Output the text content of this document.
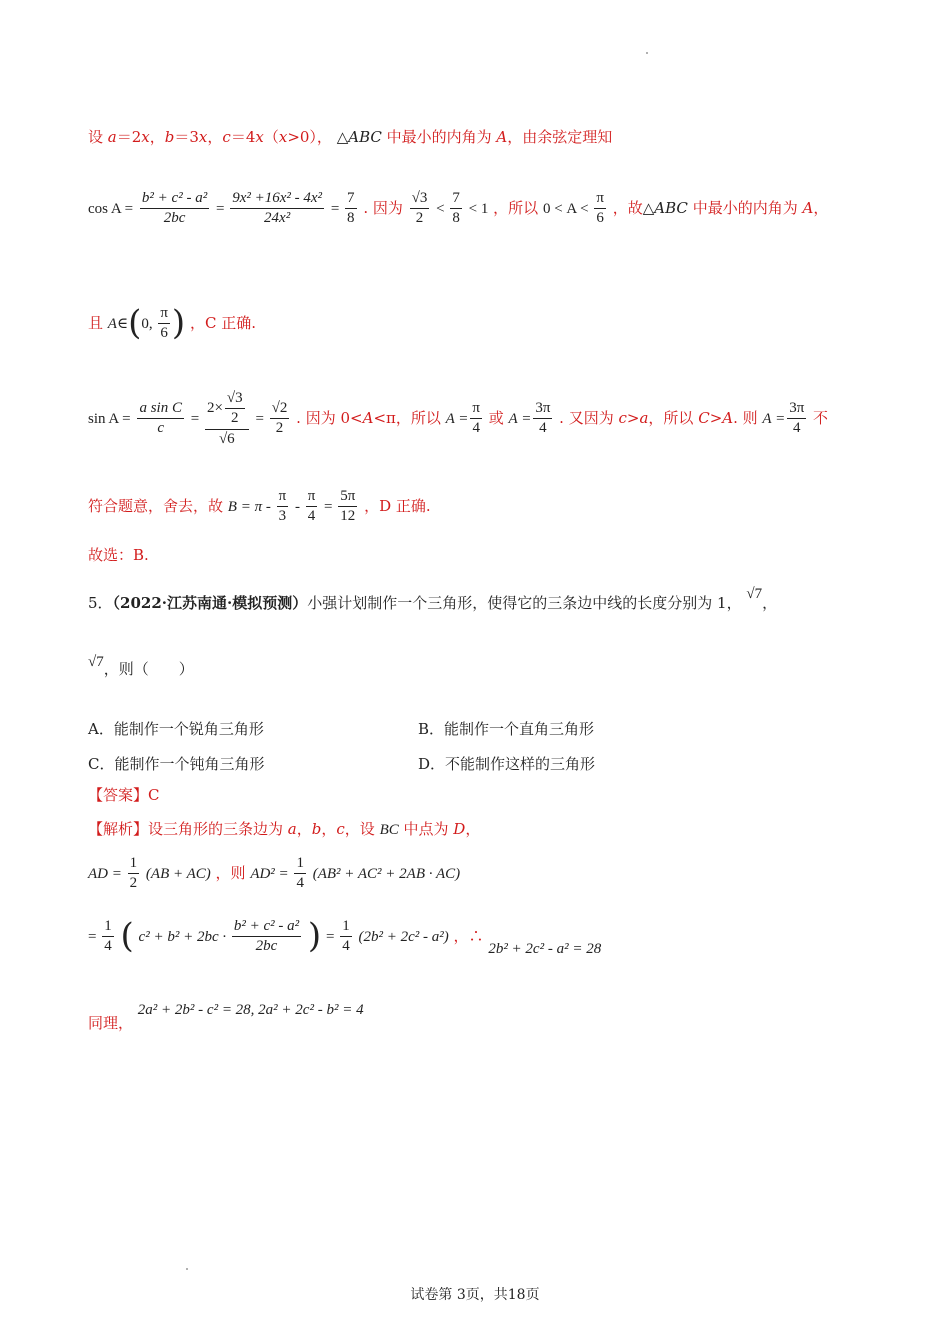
设 a＝2x，b＝3x，c＝4x（x>0）， △ABC 中最小的内角为 A，由余弦定理知
$\cos A = \frac{\text{b² + c² - a²}}{2bc} = \frac{\text{9x² +16x² - 4x²}}{\text{24x²}} = \frac{7}{8}$ . 因为 $\frac{√3}{2} < \frac{7}{8} < 1$ ，所以 $0 < A < \frac{\pi}{6}$ ，故△ABC 中最小的内角为 A，
且 A∈(0, $\frac{\pi}{6}$ ) ，C 正确.
$\sin A = \frac{\text{a sin C}}{c} = \frac{2\times \frac{√3}{2}}{√6} = \frac{√2}{2}$ . 因为 0<A<π，所以 $A = \frac{\pi}{4}$ 或 $A = \frac{3\pi}{4}$ . 又因为 c>a，所以 C>A. 则 $A = \frac{3\pi}{4}$ 不
符合题意，舍去，故 $B = \pi - \frac{\pi}{3} - \frac{\pi}{4} = \frac{5\pi}{12}$ ，D 正确.
故选：B.
5．（2022·江苏南通·模拟预测）小强计划制作一个三角形，使得它的三条边中线的长度分别为 1， √7，
√7，则（　　）
A．能制作一个锐角三角形	B．能制作一个直角三角形
C．能制作一个钝角三角形	D．不能制作这样的三角形
【答案】C
【解析】设三角形的三条边为 a，b，c，设 BC 中点为 D，
AD = $\frac{1}{2} (AB + AC)$ ，则 $AD^2 = \frac{1}{4} (AB^2 + AC^2 + 2AB \cdot AC)$
= $\frac{1}{4}$ ( $c^2 + b^2 + 2bc \cdot \frac{\text{b² + c² - a²}}{2bc}$ ) = $\frac{1}{4} (2b^2 + 2c^2 - a^2)$ ，∴ 2b² + 2c² - a² = 28
同理， 2a² + 2b² - c² = 28, 2a² + 2c² - b² = 4
试卷第 3页，共18页
